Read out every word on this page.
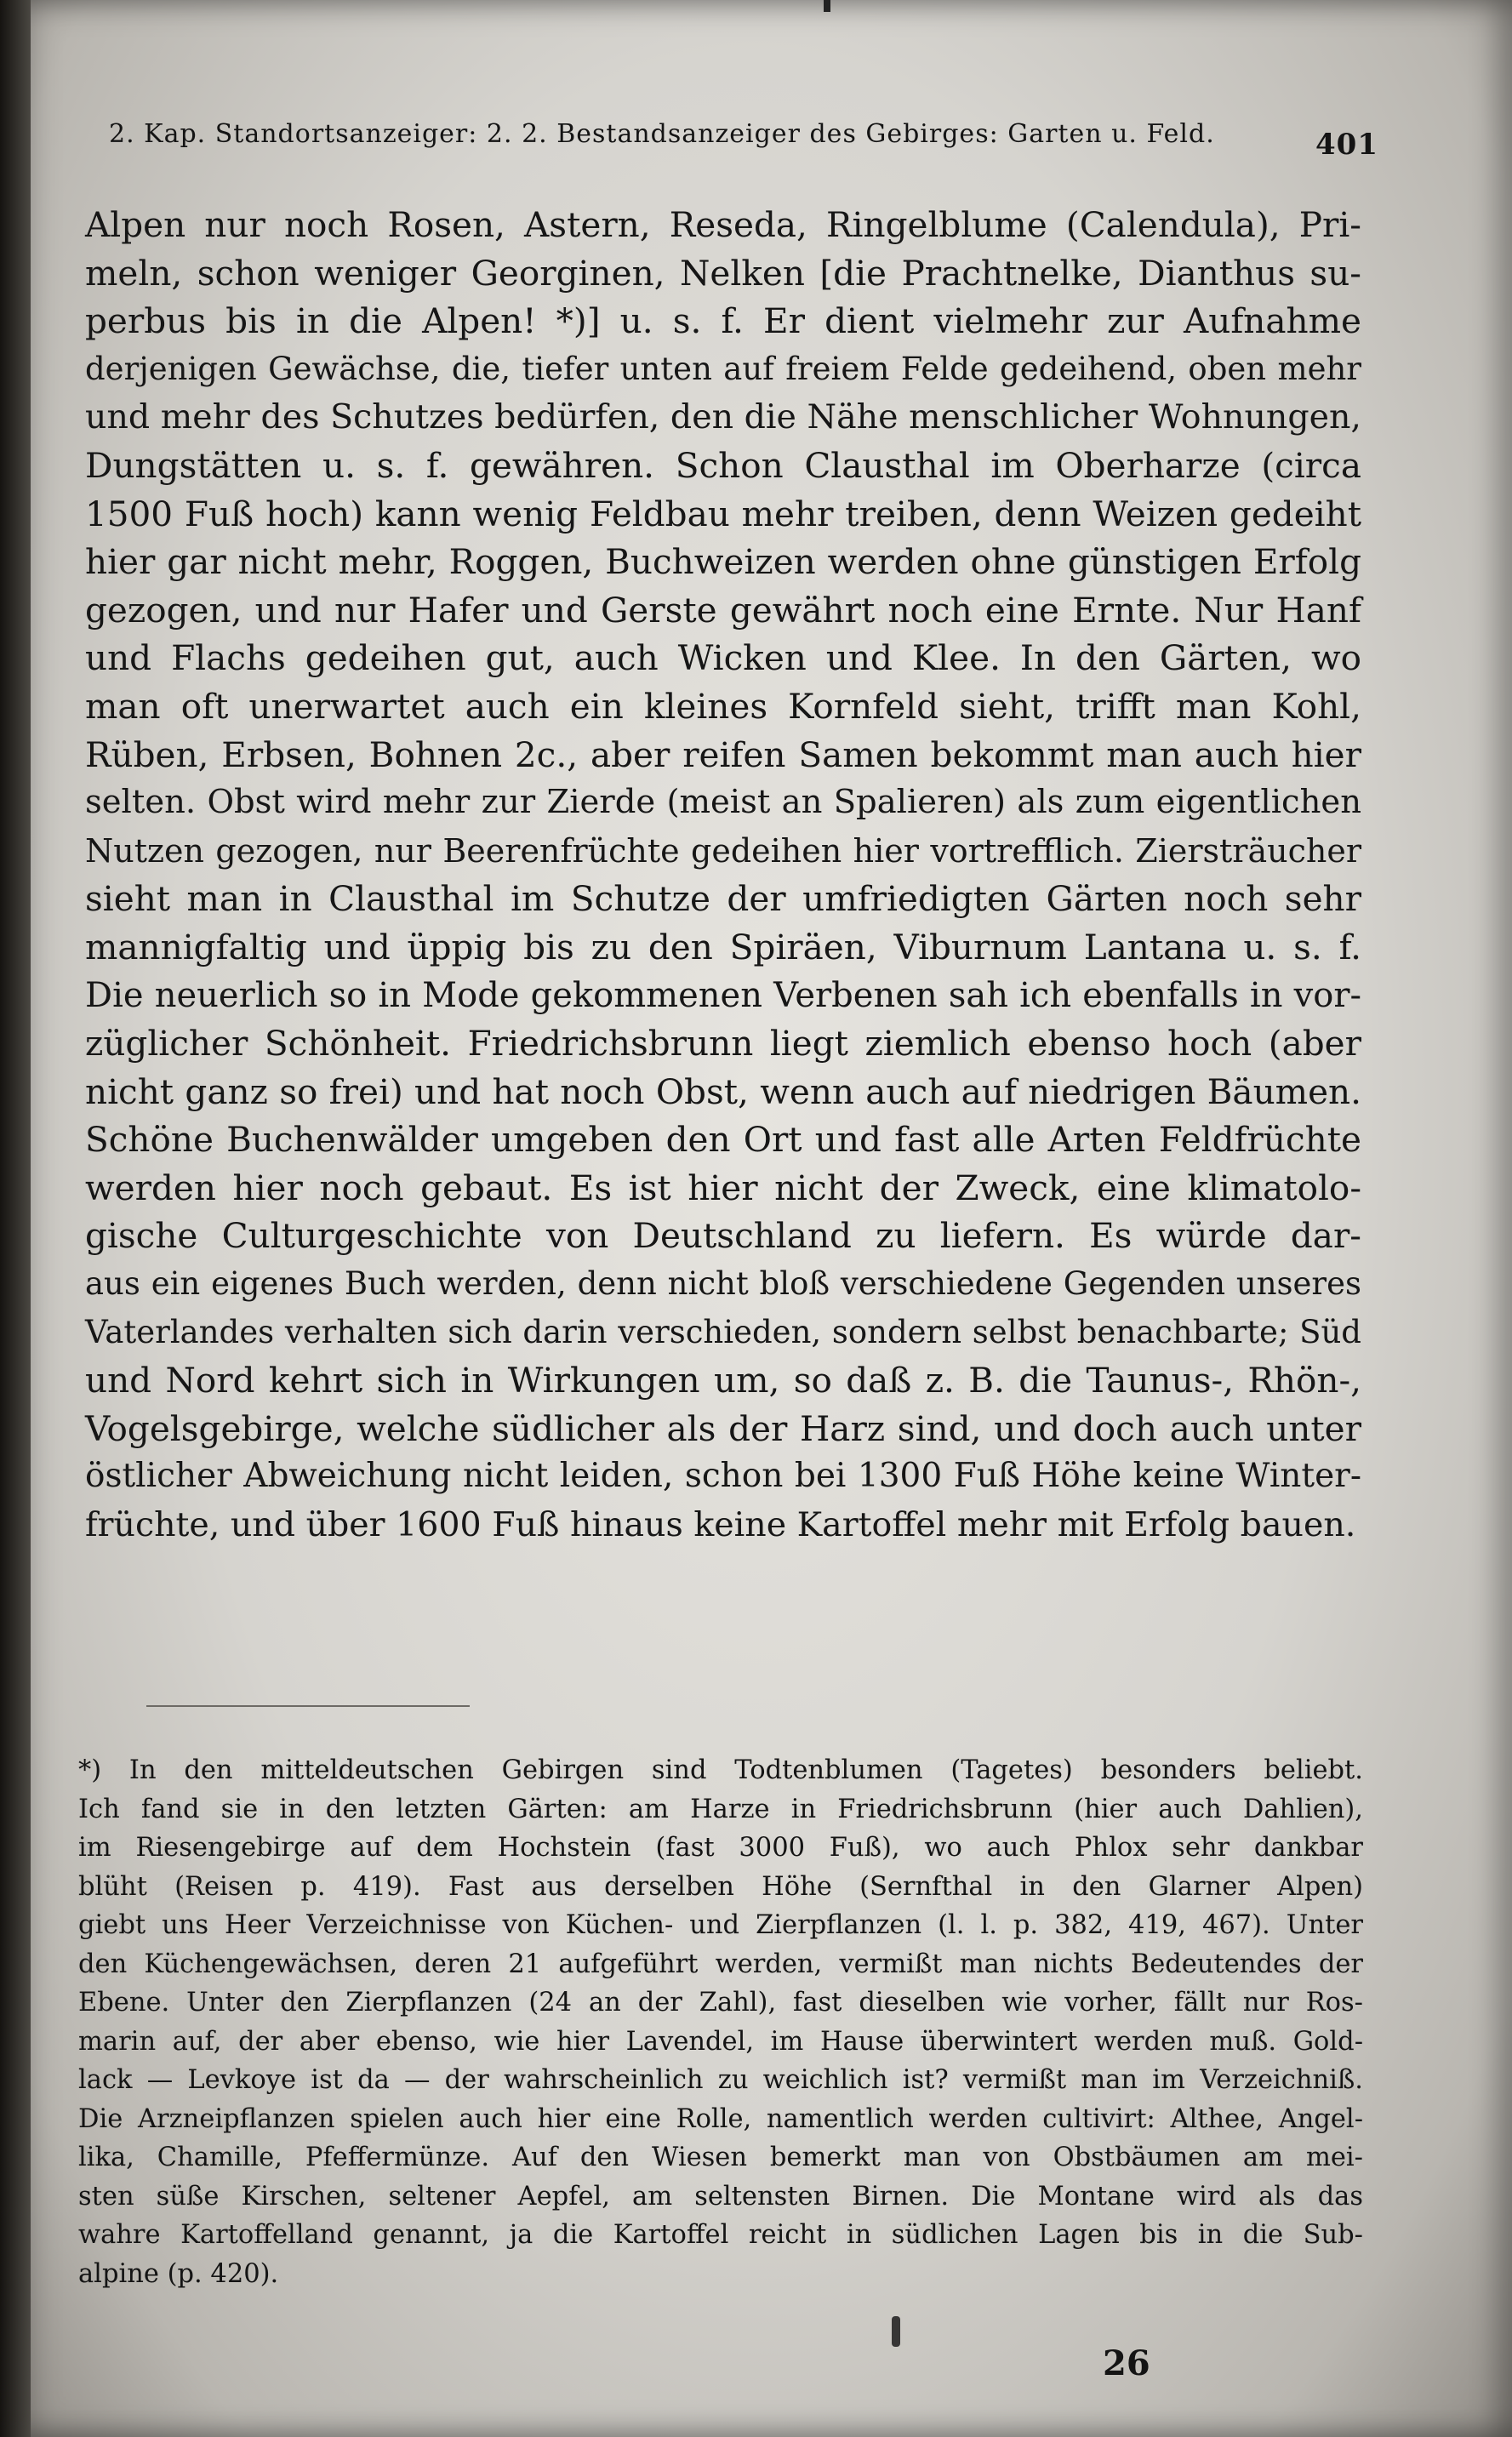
2. Kap. Standortsanzeiger: 2. 2. Bestandsanzeiger des Gebirges: Garten u. Feld.	401
Alpen nur noch Rosen, Astern, Reseda, Ringelblume (Calendula), Pri-
meln, schon weniger Georginen, Nelken [die Prachtnelke, Dianthus su-
perbus bis in die Alpen! *)] u. s. f. Er dient vielmehr zur Aufnahme
derjenigen Gewächse, die, tiefer unten auf freiem Felde gedeihend, oben mehr
und mehr des Schutzes bedürfen, den die Nähe menschlicher Wohnungen,
Dungstätten u. s. f. gewähren. Schon Clausthal im Oberharze (circa
1500 Fuß hoch) kann wenig Feldbau mehr treiben, denn Weizen gedeiht
hier gar nicht mehr, Roggen, Buchweizen werden ohne günstigen Erfolg
gezogen, und nur Hafer und Gerste gewährt noch eine Ernte. Nur Hanf
und Flachs gedeihen gut, auch Wicken und Klee. In den Gärten, wo
man oft unerwartet auch ein kleines Kornfeld sieht, trifft man Kohl,
Rüben, Erbsen, Bohnen 2c., aber reifen Samen bekommt man auch hier
selten. Obst wird mehr zur Zierde (meist an Spalieren) als zum eigentlichen
Nutzen gezogen, nur Beerenfrüchte gedeihen hier vortrefflich. Ziersträucher
sieht man in Clausthal im Schutze der umfriedigten Gärten noch sehr
mannigfaltig und üppig bis zu den Spiräen, Viburnum Lantana u. s. f.
Die neuerlich so in Mode gekommenen Verbenen sah ich ebenfalls in vor-
züglicher Schönheit. Friedrichsbrunn liegt ziemlich ebenso hoch (aber
nicht ganz so frei) und hat noch Obst, wenn auch auf niedrigen Bäumen.
Schöne Buchenwälder umgeben den Ort und fast alle Arten Feldfrüchte
werden hier noch gebaut. Es ist hier nicht der Zweck, eine klimatolo-
gische Culturgeschichte von Deutschland zu liefern. Es würde dar-
aus ein eigenes Buch werden, denn nicht bloß verschiedene Gegenden unseres
Vaterlandes verhalten sich darin verschieden, sondern selbst benachbarte; Süd
und Nord kehrt sich in Wirkungen um, so daß z. B. die Taunus-, Rhön-,
Vogelsgebirge, welche südlicher als der Harz sind, und doch auch unter
östlicher Abweichung nicht leiden, schon bei 1300 Fuß Höhe keine Winter-
früchte, und über 1600 Fuß hinaus keine Kartoffel mehr mit Erfolg bauen.
*) In den mitteldeutschen Gebirgen sind Todtenblumen (Tagetes) besonders beliebt.
Ich fand sie in den letzten Gärten: am Harze in Friedrichsbrunn (hier auch Dahlien),
im Riesengebirge auf dem Hochstein (fast 3000 Fuß), wo auch Phlox sehr dankbar
blüht (Reisen p. 419). Fast aus derselben Höhe (Sernfthal in den Glarner Alpen)
giebt uns Heer Verzeichnisse von Küchen- und Zierpflanzen (l. l. p. 382, 419, 467). Unter
den Küchengewächsen, deren 21 aufgeführt werden, vermißt man nichts Bedeutendes der
Ebene. Unter den Zierpflanzen (24 an der Zahl), fast dieselben wie vorher, fällt nur Ros-
marin auf, der aber ebenso, wie hier Lavendel, im Hause überwintert werden muß. Gold-
lack — Levkoye ist da — der wahrscheinlich zu weichlich ist? vermißt man im Verzeichniß.
Die Arzneipflanzen spielen auch hier eine Rolle, namentlich werden cultivirt: Althee, Angel-
lika, Chamille, Pfeffermünze. Auf den Wiesen bemerkt man von Obstbäumen am mei-
sten süße Kirschen, seltener Aepfel, am seltensten Birnen. Die Montane wird als das
wahre Kartoffelland genannt, ja die Kartoffel reicht in südlichen Lagen bis in die Sub-
alpine (p. 420).
26
